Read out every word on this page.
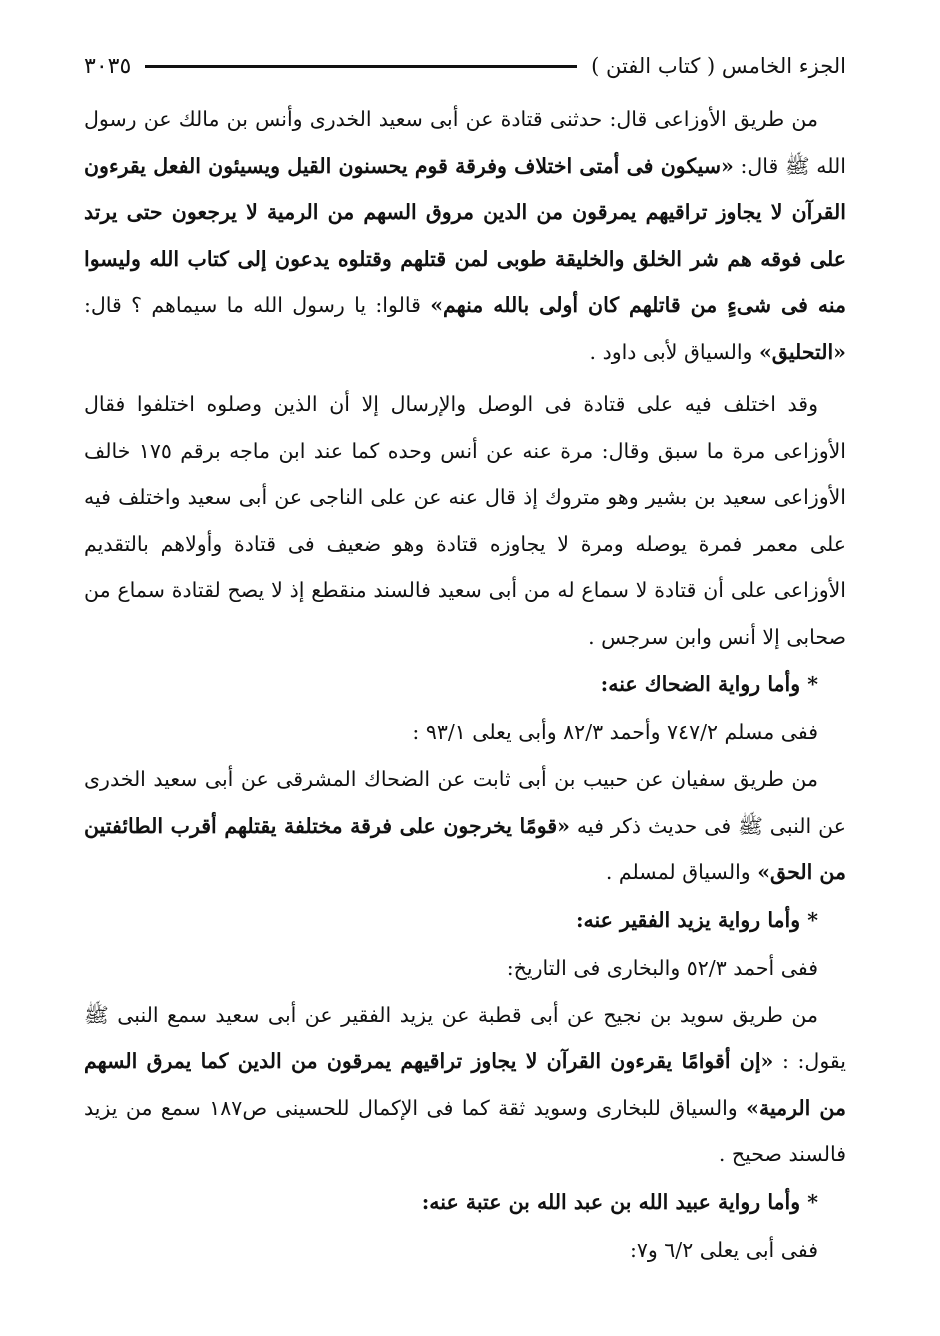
الجزء الخامس ( كتاب الفتن )
٣٠٣٥

من طريق الأوزاعى قال: حدثنى قتادة عن أبى سعيد الخدرى وأنس بن مالك عن رسول الله ﷺ قال: «سيكون فى أمتى اختلاف وفرقة قوم يحسنون القيل ويسيئون الفعل يقرءون القرآن لا يجاوز تراقيهم يمرقون من الدين مروق السهم من الرمية لا يرجعون حتى يرتد على فوقه هم شر الخلق والخليقة طوبى لمن قتلهم وقتلوه يدعون إلى كتاب الله وليسوا منه فى شىءٍ من قاتلهم كان أولى بالله منهم» قالوا: يا رسول الله ما سيماهم ؟ قال: «التحليق» والسياق لأبى داود .

وقد اختلف فيه على قتادة فى الوصل والإرسال إلا أن الذين وصلوه اختلفوا فقال الأوزاعى مرة ما سبق وقال: مرة عنه عن أنس وحده كما عند ابن ماجه برقم ١٧٥ خالف الأوزاعى سعيد بن بشير وهو متروك إذ قال عنه عن على الناجى عن أبى سعيد واختلف فيه على معمر فمرة يوصله ومرة لا يجاوزه قتادة وهو ضعيف فى قتادة وأولاهم بالتقديم الأوزاعى على أن قتادة لا سماع له من أبى سعيد فالسند منقطع إذ لا يصح لقتادة سماع من صحابى إلا أنس وابن سرجس .

* وأما رواية الضحاك عنه:

ففى مسلم ٧٤٧/٢ وأحمد ٨٢/٣ وأبى يعلى ٩٣/١ :

من طريق سفيان عن حبيب بن أبى ثابت عن الضحاك المشرقى عن أبى سعيد الخدرى عن النبى ﷺ فى حديث ذكر فيه «قومًا يخرجون على فرقة مختلفة يقتلهم أقرب الطائفتين من الحق» والسياق لمسلم .

* وأما رواية يزيد الفقير عنه:

ففى أحمد ٥٢/٣ والبخارى فى التاريخ:

من طريق سويد بن نجيح عن أبى قطبة عن يزيد الفقير عن أبى سعيد سمع النبى ﷺ يقول: : «إن أقوامًا يقرءون القرآن لا يجاوز تراقيهم يمرقون من الدين كما يمرق السهم من الرمية» والسياق للبخارى وسويد ثقة كما فى الإكمال للحسينى ص١٨٧ سمع من يزيد فالسند صحيح .

* وأما رواية عبيد الله بن عبد الله بن عتبة عنه:

ففى أبى يعلى ٦/٢ و٧:
